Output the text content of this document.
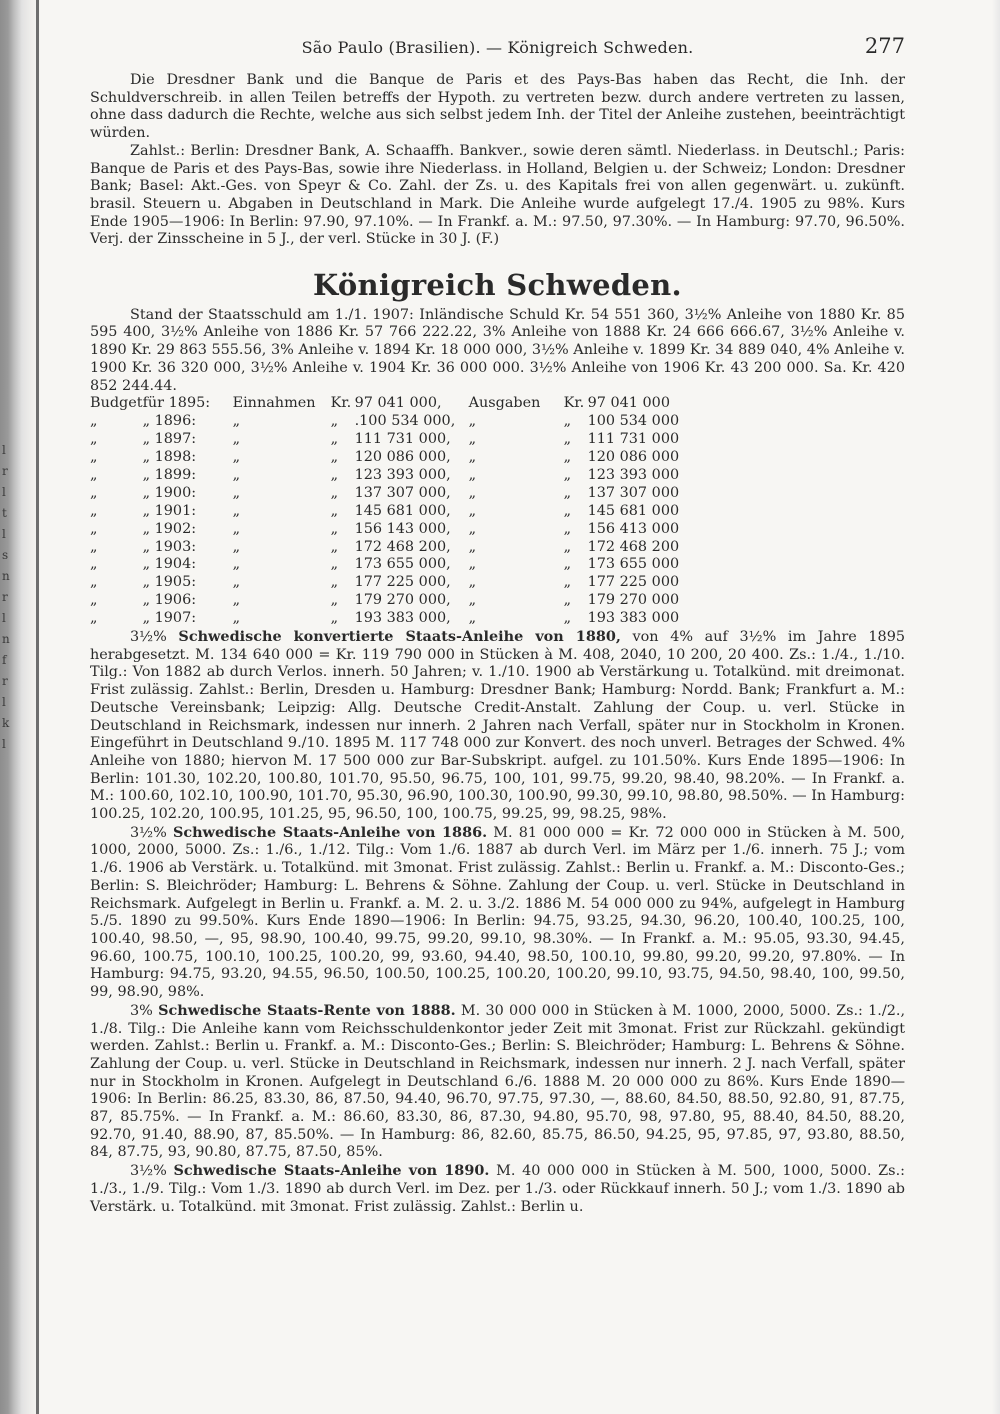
l
r
l
t
l
s
n
r
l
n
f
r
l
k
l
São Paulo (Brasilien). — Königreich Schweden.	277

Die Dresdner Bank und die Banque de Paris et des Pays-Bas haben das Recht, die Inh. der Schuldverschreib. in allen Teilen betreffs der Hypoth. zu vertreten bezw. durch andere vertreten zu lassen, ohne dass dadurch die Rechte, welche aus sich selbst jedem Inh. der Titel der Anleihe zustehen, beeinträchtigt würden.

Zahlst.: Berlin: Dresdner Bank, A. Schaaffh. Bankver., sowie deren sämtl. Niederlass. in Deutschl.; Paris: Banque de Paris et des Pays-Bas, sowie ihre Niederlass. in Holland, Belgien u. der Schweiz; London: Dresdner Bank; Basel: Akt.-Ges. von Speyr & Co. Zahl. der Zs. u. des Kapitals frei von allen gegenwärt. u. zukünft. brasil. Steuern u. Abgaben in Deutschland in Mark. Die Anleihe wurde aufgelegt 17./4. 1905 zu 98%. Kurs Ende 1905—1906: In Berlin: 97.90, 97.10%. — In Frankf. a. M.: 97.50, 97.30%. — In Hamburg: 97.70, 96.50%. Verj. der Zinsscheine in 5 J., der verl. Stücke in 30 J. (F.)

Königreich Schweden.

Stand der Staatsschuld am 1./1. 1907: Inländische Schuld Kr. 54 551 360, 3½% Anleihe von 1880 Kr. 85 595 400, 3½% Anleihe von 1886 Kr. 57 766 222.22, 3% Anleihe von 1888 Kr. 24 666 666.67, 3½% Anleihe v. 1890 Kr. 29 863 555.56, 3% Anleihe v. 1894 Kr. 18 000 000, 3½% Anleihe v. 1899 Kr. 34 889 040, 4% Anleihe v. 1900 Kr. 36 320 000, 3½% Anleihe v. 1904 Kr. 36 000 000. 3½% Anleihe von 1906 Kr. 43 200 000. Sa. Kr. 420 852 244.44.

Budget	für 1895:	Einnahmen	Kr.	97 041 000,	Ausgaben	Kr.	97 041 000
„	„ 1896:	„	„	.100 534 000,	„	„	100 534 000
„	„ 1897:	„	„	111 731 000,	„	„	111 731 000
„	„ 1898:	„	„	120 086 000,	„	„	120 086 000
„	„ 1899:	„	„	123 393 000,	„	„	123 393 000
„	„ 1900:	„	„	137 307 000,	„	„	137 307 000
„	„ 1901:	„	„	145 681 000,	„	„	145 681 000
„	„ 1902:	„	„	156 143 000,	„	„	156 413 000
„	„ 1903:	„	„	172 468 200,	„	„	172 468 200
„	„ 1904:	„	„	173 655 000,	„	„	173 655 000
„	„ 1905:	„	„	177 225 000,	„	„	177 225 000
„	„ 1906:	„	„	179 270 000,	„	„	179 270 000
„	„ 1907:	„	„	193 383 000,	„	„	193 383 000

3½% Schwedische konvertierte Staats-Anleihe von 1880, von 4% auf 3½% im Jahre 1895 herabgesetzt. M. 134 640 000 = Kr. 119 790 000 in Stücken à M. 408, 2040, 10 200, 20 400. Zs.: 1./4., 1./10. Tilg.: Von 1882 ab durch Verlos. innerh. 50 Jahren; v. 1./10. 1900 ab Verstärkung u. Totalkünd. mit dreimonat. Frist zulässig. Zahlst.: Berlin, Dresden u. Hamburg: Dresdner Bank; Hamburg: Nordd. Bank; Frankfurt a. M.: Deutsche Vereinsbank; Leipzig: Allg. Deutsche Credit-Anstalt. Zahlung der Coup. u. verl. Stücke in Deutschland in Reichsmark, indessen nur innerh. 2 Jahren nach Verfall, später nur in Stockholm in Kronen. Eingeführt in Deutschland 9./10. 1895 M. 117 748 000 zur Konvert. des noch unverl. Betrages der Schwed. 4% Anleihe von 1880; hiervon M. 17 500 000 zur Bar-Subskript. aufgel. zu 101.50%. Kurs Ende 1895—1906: In Berlin: 101.30, 102.20, 100.80, 101.70, 95.50, 96.75, 100, 101, 99.75, 99.20, 98.40, 98.20%. — In Frankf. a. M.: 100.60, 102.10, 100.90, 101.70, 95.30, 96.90, 100.30, 100.90, 99.30, 99.10, 98.80, 98.50%. — In Hamburg: 100.25, 102.20, 100.95, 101.25, 95, 96.50, 100, 100.75, 99.25, 99, 98.25, 98%.

3½% Schwedische Staats-Anleihe von 1886. M. 81 000 000 = Kr. 72 000 000 in Stücken à M. 500, 1000, 2000, 5000. Zs.: 1./6., 1./12. Tilg.: Vom 1./6. 1887 ab durch Verl. im März per 1./6. innerh. 75 J.; vom 1./6. 1906 ab Verstärk. u. Totalkünd. mit 3monat. Frist zulässig. Zahlst.: Berlin u. Frankf. a. M.: Disconto-Ges.; Berlin: S. Bleichröder; Hamburg: L. Behrens & Söhne. Zahlung der Coup. u. verl. Stücke in Deutschland in Reichsmark. Aufgelegt in Berlin u. Frankf. a. M. 2. u. 3./2. 1886 M. 54 000 000 zu 94%, aufgelegt in Hamburg 5./5. 1890 zu 99.50%. Kurs Ende 1890—1906: In Berlin: 94.75, 93.25, 94.30, 96.20, 100.40, 100.25, 100, 100.40, 98.50, —, 95, 98.90, 100.40, 99.75, 99.20, 99.10, 98.30%. — In Frankf. a. M.: 95.05, 93.30, 94.45, 96.60, 100.75, 100.10, 100.25, 100.20, 99, 93.60, 94.40, 98.50, 100.10, 99.80, 99.20, 99.20, 97.80%. — In Hamburg: 94.75, 93.20, 94.55, 96.50, 100.50, 100.25, 100.20, 100.20, 99.10, 93.75, 94.50, 98.40, 100, 99.50, 99, 98.90, 98%.

3% Schwedische Staats-Rente von 1888. M. 30 000 000 in Stücken à M. 1000, 2000, 5000. Zs.: 1./2., 1./8. Tilg.: Die Anleihe kann vom Reichsschuldenkontor jeder Zeit mit 3monat. Frist zur Rückzahl. gekündigt werden. Zahlst.: Berlin u. Frankf. a. M.: Disconto-Ges.; Berlin: S. Bleichröder; Hamburg: L. Behrens & Söhne. Zahlung der Coup. u. verl. Stücke in Deutschland in Reichsmark, indessen nur innerh. 2 J. nach Verfall, später nur in Stockholm in Kronen. Aufgelegt in Deutschland 6./6. 1888 M. 20 000 000 zu 86%. Kurs Ende 1890—1906: In Berlin: 86.25, 83.30, 86, 87.50, 94.40, 96.70, 97.75, 97.30, —, 88.60, 84.50, 88.50, 92.80, 91, 87.75, 87, 85.75%. — In Frankf. a. M.: 86.60, 83.30, 86, 87.30, 94.80, 95.70, 98, 97.80, 95, 88.40, 84.50, 88.20, 92.70, 91.40, 88.90, 87, 85.50%. — In Hamburg: 86, 82.60, 85.75, 86.50, 94.25, 95, 97.85, 97, 93.80, 88.50, 84, 87.75, 93, 90.80, 87.75, 87.50, 85%.

3½% Schwedische Staats-Anleihe von 1890. M. 40 000 000 in Stücken à M. 500, 1000, 5000. Zs.: 1./3., 1./9. Tilg.: Vom 1./3. 1890 ab durch Verl. im Dez. per 1./3. oder Rückkauf innerh. 50 J.; vom 1./3. 1890 ab Verstärk. u. Totalkünd. mit 3monat. Frist zulässig. Zahlst.: Berlin u.
